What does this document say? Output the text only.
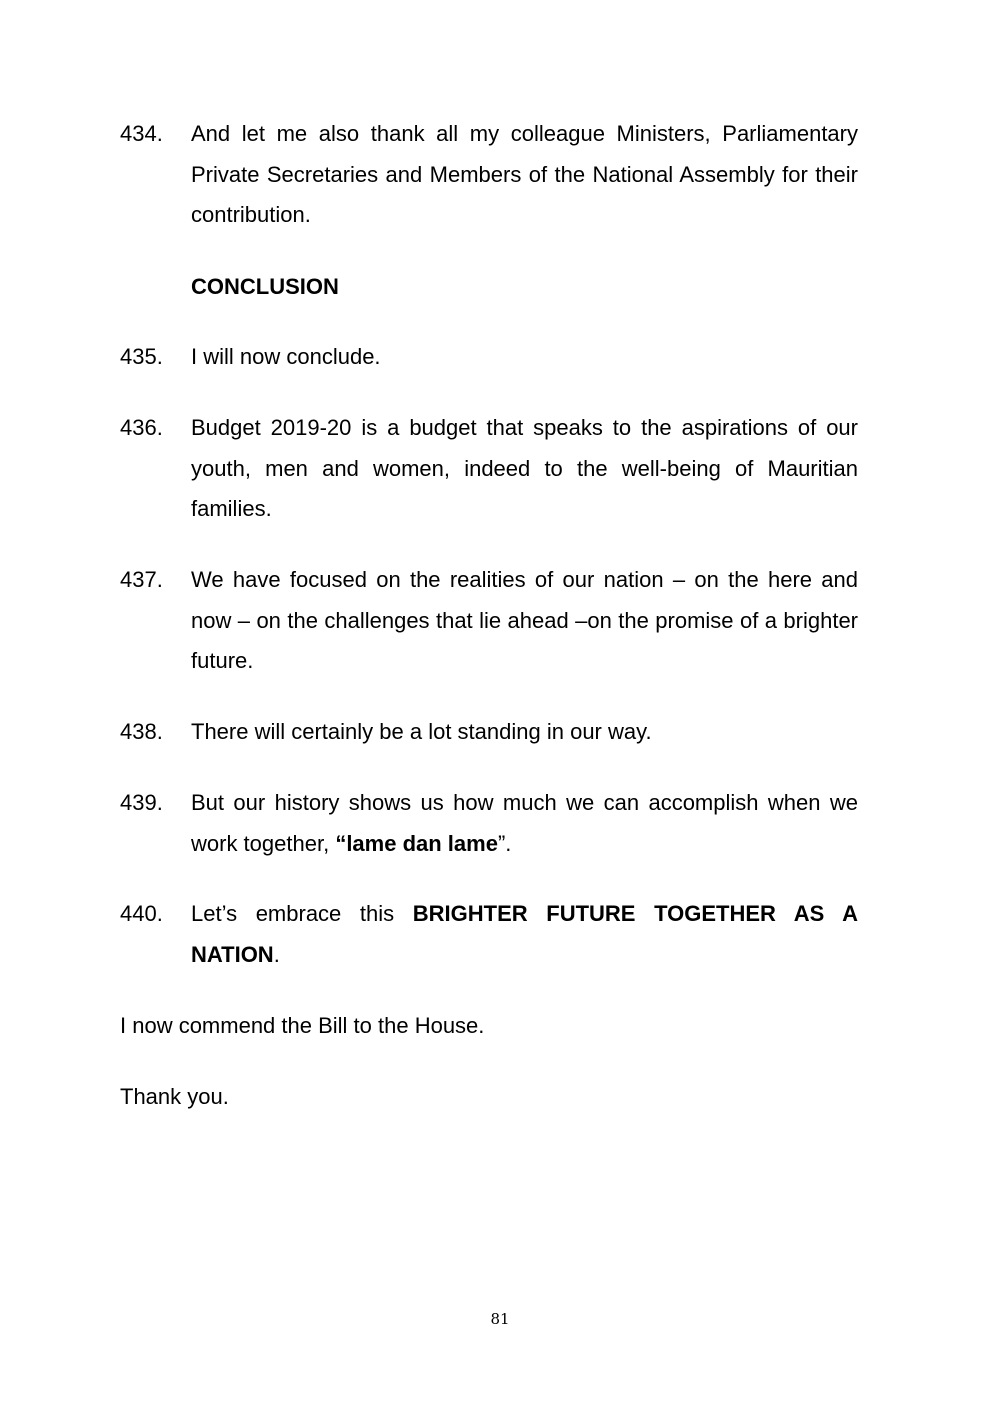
434. And let me also thank all my colleague Ministers, Parliamentary Private Secretaries and Members of the National Assembly for their contribution.
CONCLUSION
435. I will now conclude.
436. Budget 2019-20 is a budget that speaks to the aspirations of our youth, men and women, indeed to the well-being of Mauritian families.
437. We have focused on the realities of our nation – on the here and now – on the challenges that lie ahead –on the promise of a brighter future.
438. There will certainly be a lot standing in our way.
439. But our history shows us how much we can accomplish when we work together, “lame dan lame”.
440. Let’s embrace this BRIGHTER FUTURE TOGETHER AS A NATION.
I now commend the Bill to the House.
Thank you.
81
